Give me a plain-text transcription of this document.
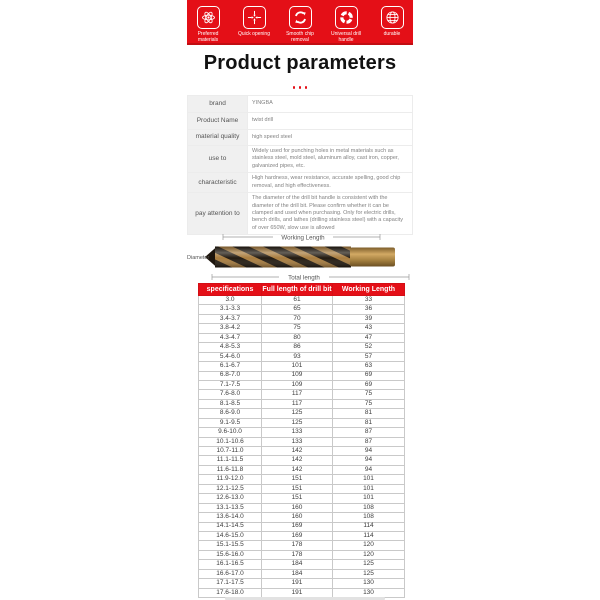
Preferred materials
Quick opening	Smooth chip removal
Universal drill handle
durable
Product parameters
brand	YINGBA
Product Name	twist drill
material quality	high speed steel
use to	Widely used for punching holes in metal materials such as stainless steel, mold steel, aluminum alloy, cast iron, copper, galvanized pipes, etc.
characteristic	High hardness, wear resistance, accurate spelling, good chip removal, and high effectiveness.
pay attention to	The diameter of the drill bit handle is consistent with the diameter of the drill bit. Please confirm whether it can be clamped and used when purchasing. Only for electric drills, bench drills, and lathes (drilling stainless steel) with a capacity of over 650W, slow use is allowed
Working Length
Diameter
Total length
specifications	Full length of drill bit	Working Length
3.0	61	33
3.1-3.3	65	36
3.4-3.7	70	39
3.8-4.2	75	43
4.3-4.7	80	47
4.8-5.3	86	52
5.4-6.0	93	57
6.1-6.7	101	63
6.8-7.0	109	69
7.1-7.5	109	69
7.6-8.0	117	75
8.1-8.5	117	75
8.6-9.0	125	81
9.1-9.5	125	81
9.6-10.0	133	87
10.1-10.6	133	87
10.7-11.0	142	94
11.1-11.5	142	94
11.6-11.8	142	94
11.9-12.0	151	101
12.1-12.5	151	101
12.6-13.0	151	101
13.1-13.5	160	108
13.6-14.0	160	108
14.1-14.5	169	114
14.6-15.0	169	114
15.1-15.5	178	120
15.6-16.0	178	120
16.1-16.5	184	125
16.6-17.0	184	125
17.1-17.5	191	130
17.6-18.0	191	130
